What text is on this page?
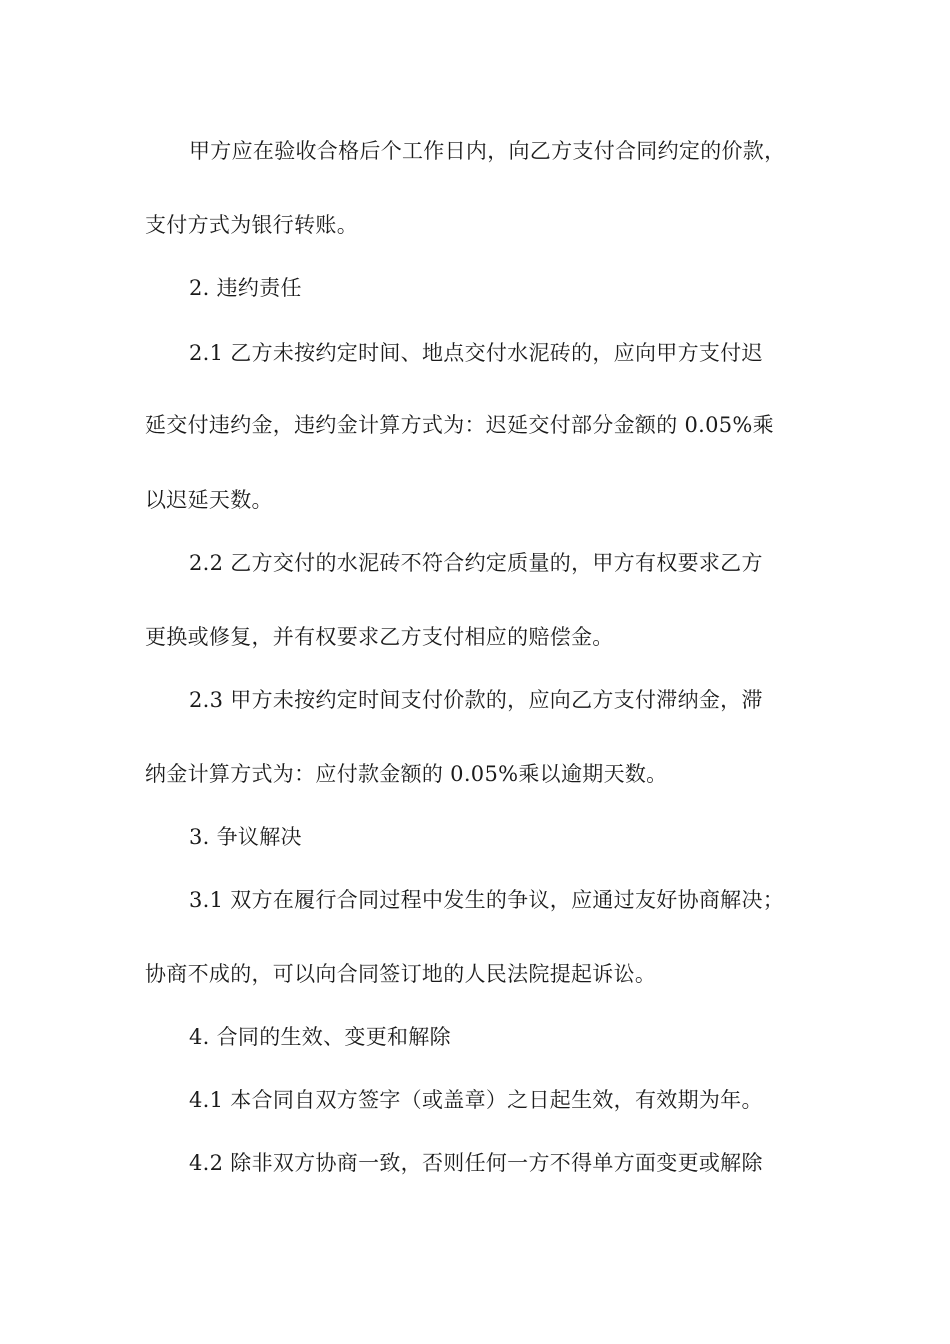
甲方应在验收合格后个工作日内，向乙方支付合同约定的价款，
支付方式为银行转账。
2. 违约责任
2.1 乙方未按约定时间、地点交付水泥砖的，应向甲方支付迟
延交付违约金，违约金计算方式为：迟延交付部分金额的 0.05%乘
以迟延天数。
2.2 乙方交付的水泥砖不符合约定质量的，甲方有权要求乙方
更换或修复，并有权要求乙方支付相应的赔偿金。
2.3 甲方未按约定时间支付价款的，应向乙方支付滞纳金，滞
纳金计算方式为：应付款金额的 0.05%乘以逾期天数。
3. 争议解决
3.1 双方在履行合同过程中发生的争议，应通过友好协商解决；
协商不成的，可以向合同签订地的人民法院提起诉讼。
4. 合同的生效、变更和解除
4.1 本合同自双方签字（或盖章）之日起生效，有效期为年。
4.2 除非双方协商一致，否则任何一方不得单方面变更或解除
